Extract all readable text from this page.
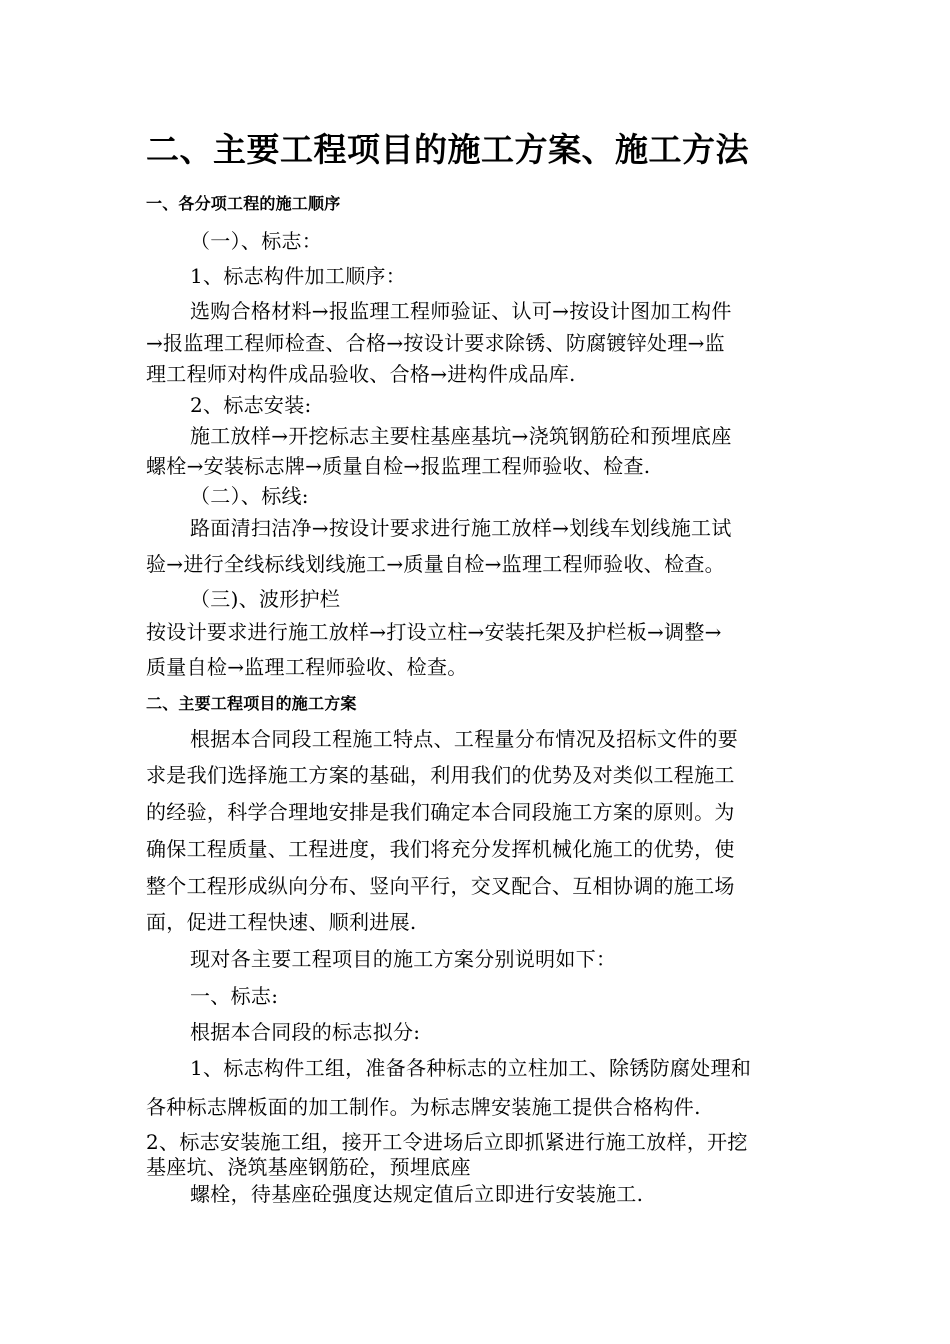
二、主要工程项目的施工方案、施工方法
一、各分项工程的施工顺序
（一）、标志：
1、标志构件加工顺序：
选购合格材料→报监理工程师验证、认可→按设计图加工构件
→报监理工程师检查、合格→按设计要求除锈、防腐镀锌处理→监
理工程师对构件成品验收、合格→进构件成品库.
2、标志安装:
施工放样→开挖标志主要柱基座基坑→浇筑钢筋砼和预埋底座
螺栓→安装标志牌→质量自检→报监理工程师验收、检查.
（二）、标线:
路面清扫洁净→按设计要求进行施工放样→划线车划线施工试
验→进行全线标线划线施工→质量自检→监理工程师验收、检查。
（三)、波形护栏
按设计要求进行施工放样→打设立柱→安装托架及护栏板→调整→
质量自检→监理工程师验收、检查。
二、主要工程项目的施工方案
根据本合同段工程施工特点、工程量分布情况及招标文件的要
求是我们选择施工方案的基础，利用我们的优势及对类似工程施工
的经验，科学合理地安排是我们确定本合同段施工方案的原则。为
确保工程质量、工程进度，我们将充分发挥机械化施工的优势，使
整个工程形成纵向分布、竖向平行，交叉配合、互相协调的施工场
面，促进工程快速、顺利进展.
现对各主要工程项目的施工方案分别说明如下：
一、标志:
根据本合同段的标志拟分:
1、标志构件工组，准备各种标志的立柱加工、除锈防腐处理和
各种标志牌板面的加工制作。为标志牌安装施工提供合格构件.
2、标志安装施工组，接开工令进场后立即抓紧进行施工放样，开挖
基座坑、浇筑基座钢筋砼，预埋底座
螺栓，待基座砼强度达规定值后立即进行安装施工.
